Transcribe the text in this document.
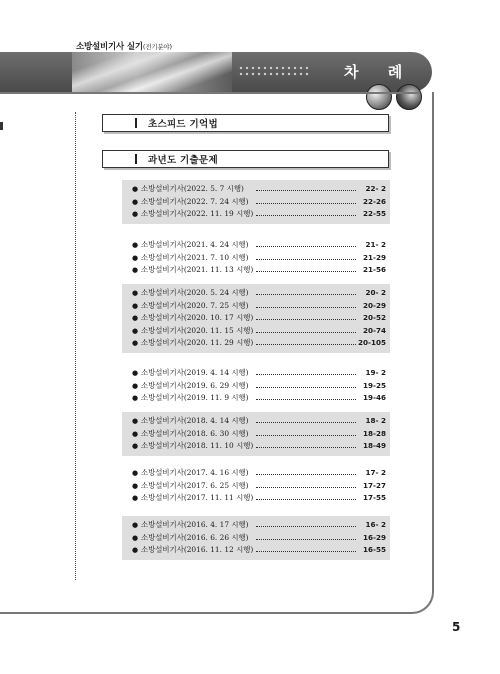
소방설비기사 실기(전기분야)
차 례
초스피드 기억법
과년도 기출문제
● 소방설비기사(2022. 5. 7 시행)	22- 2
● 소방설비기사(2022. 7. 24 시행)	22-26
● 소방설비기사(2022. 11. 19 시행)	22-55
● 소방설비기사(2021. 4. 24 시행)	21- 2
● 소방설비기사(2021. 7. 10 시행)	21-29
● 소방설비기사(2021. 11. 13 시행)	21-56
● 소방설비기사(2020. 5. 24 시행)	20- 2
● 소방설비기사(2020. 7. 25 시행)	20-29
● 소방설비기사(2020. 10. 17 시행)	20-52
● 소방설비기사(2020. 11. 15 시행)	20-74
● 소방설비기사(2020. 11. 29 시행)	20-105
● 소방설비기사(2019. 4. 14 시행)	19- 2
● 소방설비기사(2019. 6. 29 시행)	19-25
● 소방설비기사(2019. 11. 9 시행)	19-46
● 소방설비기사(2018. 4. 14 시행)	18- 2
● 소방설비기사(2018. 6. 30 시행)	18-28
● 소방설비기사(2018. 11. 10 시행)	18-49
● 소방설비기사(2017. 4. 16 시행)	17- 2
● 소방설비기사(2017. 6. 25 시행)	17-27
● 소방설비기사(2017. 11. 11 시행)	17-55
● 소방설비기사(2016. 4. 17 시행)	16- 2
● 소방설비기사(2016. 6. 26 시행)	16-29
● 소방설비기사(2016. 11. 12 시행)	16-55
5
